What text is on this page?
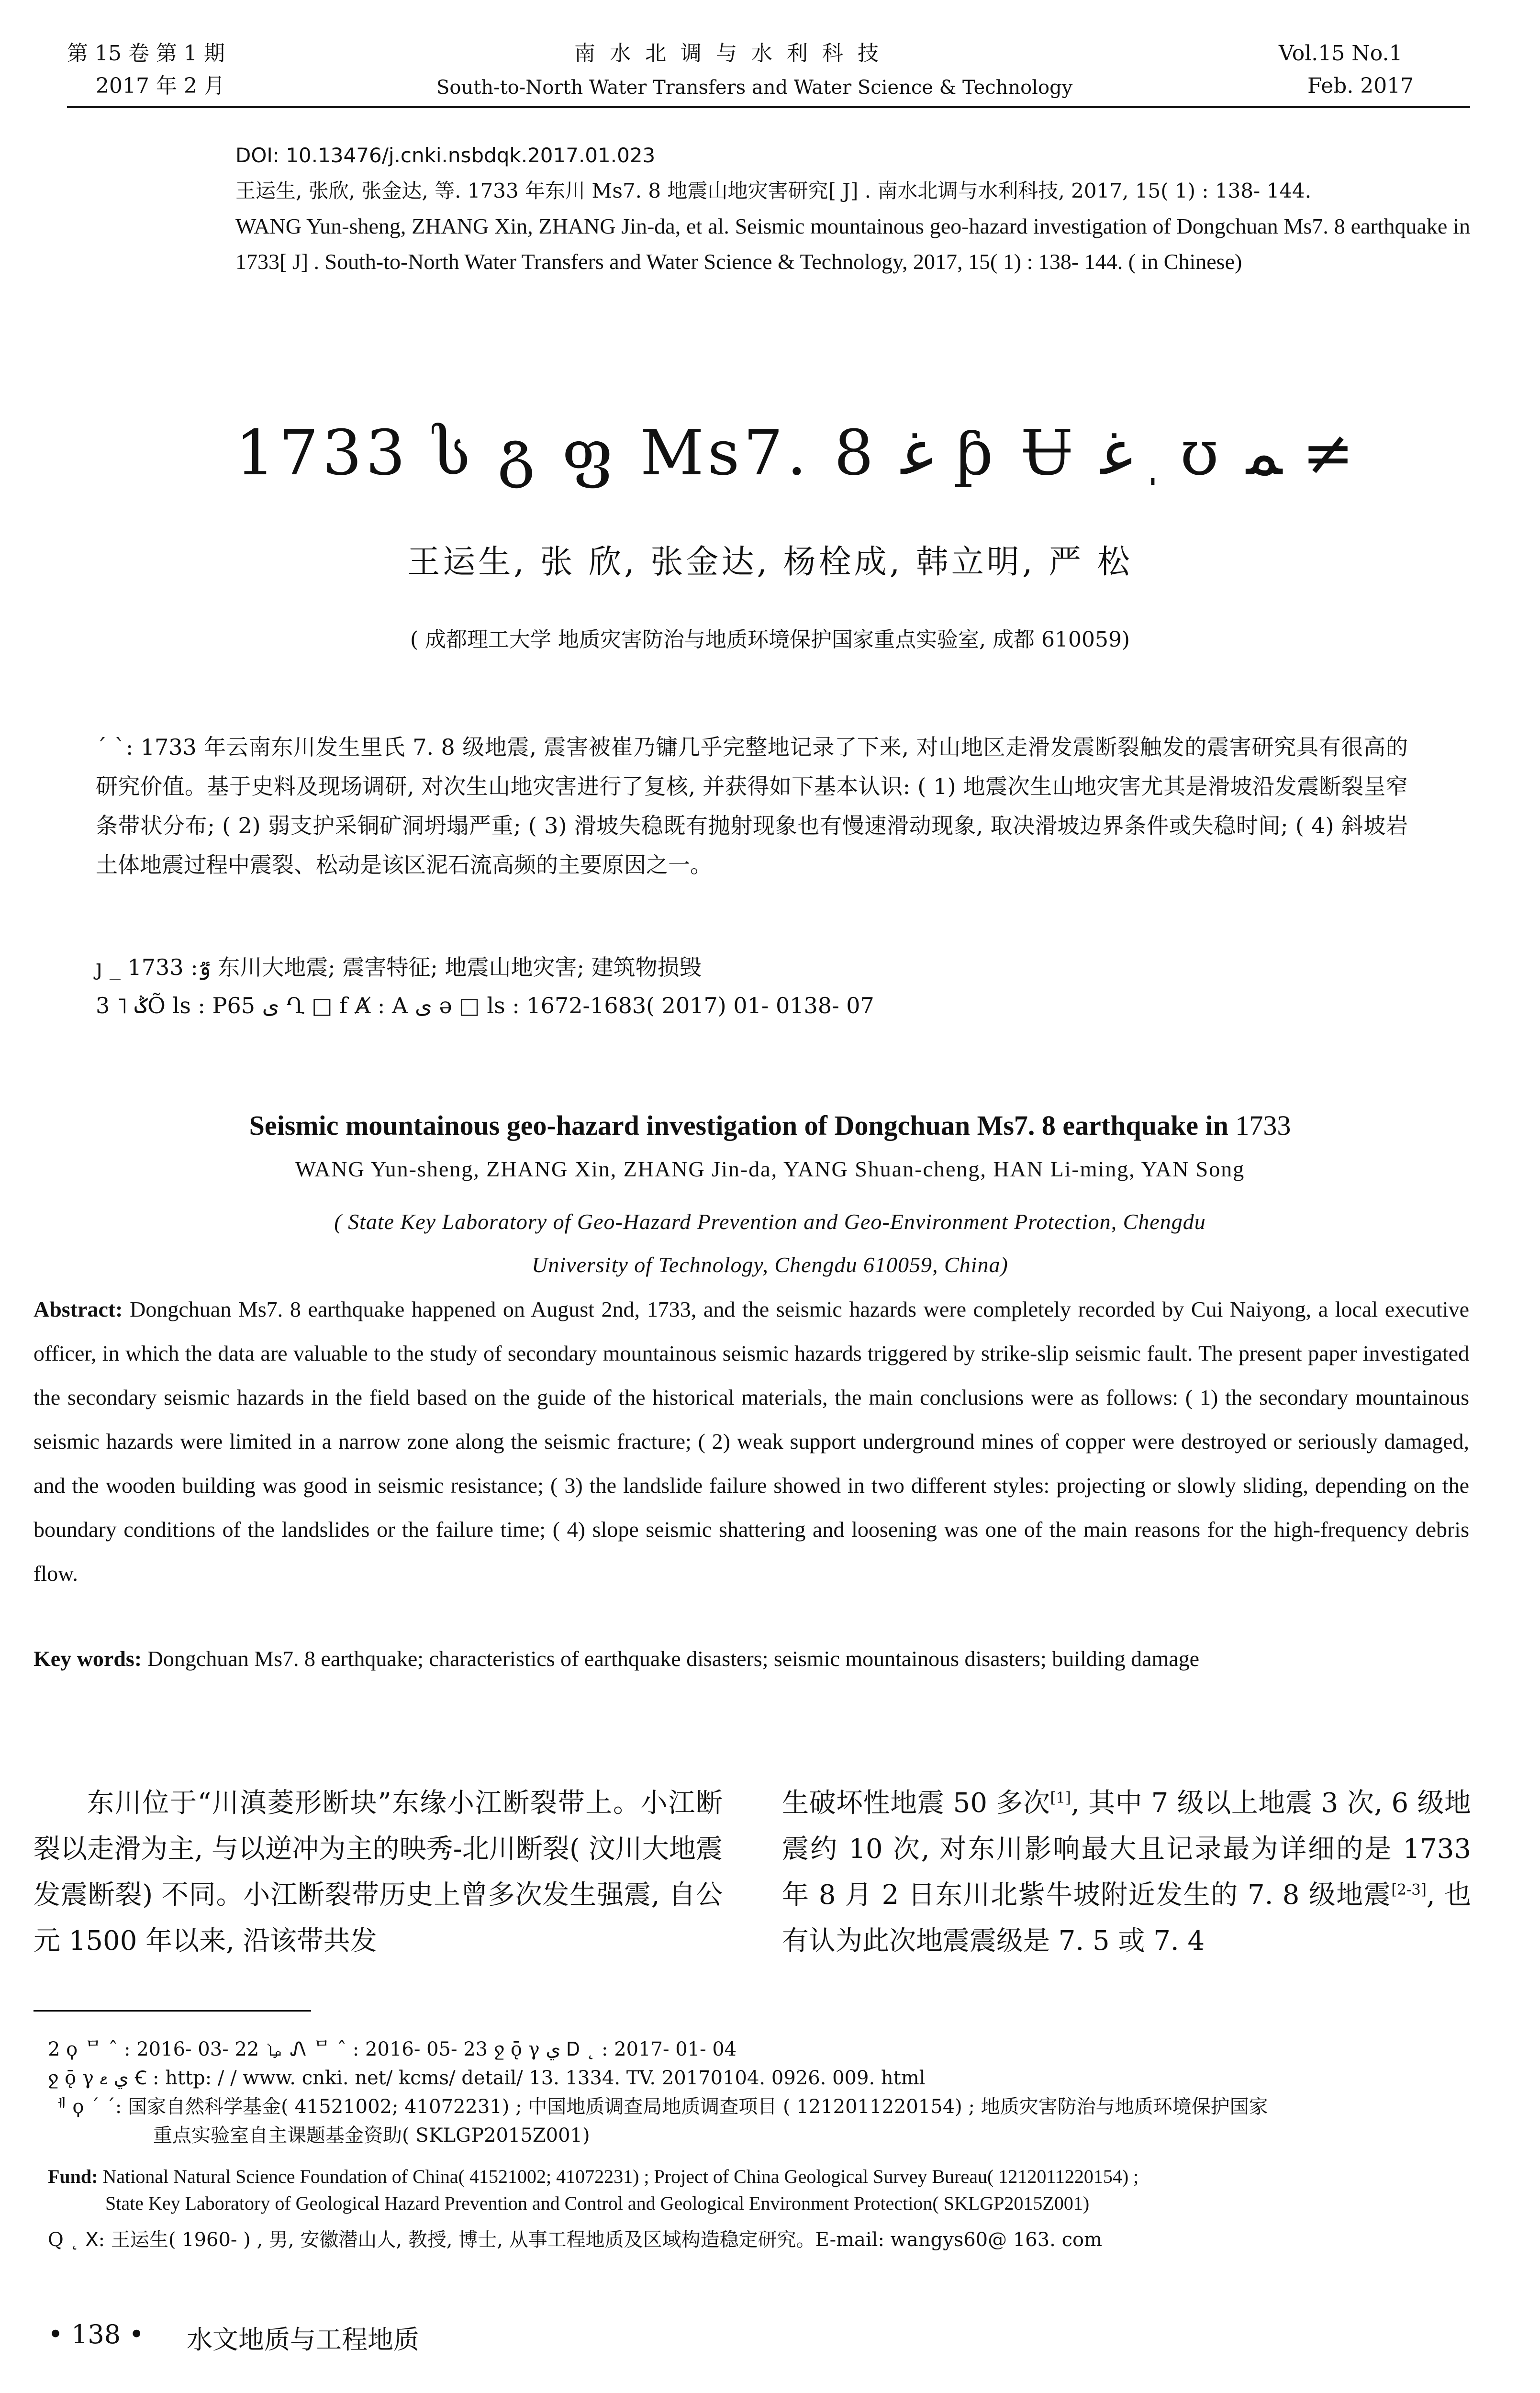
第 15 卷 第 1 期
2017 年 2 月
南 水 北 调 与 水 利 科 技
South-to-North Water Transfers and Water Science & Technology
Vol.15 No.1
Feb. 2017
DOI: 10.13476/j.cnki.nsbdqk.2017.01.023
王运生, 张欣, 张金达, 等. 1733 年东川 Ms7. 8 地震山地灾害研究[ J] . 南水北调与水利科技, 2017, 15( 1) : 138- 144.
WANG Yun-sheng, ZHANG Xin, ZHANG Jin-da, et al. Seismic mountainous geo-hazard investigation of Dongchuan Ms7. 8 earthquake in 1733[ J] . South-to-North Water Transfers and Water Science & Technology, 2017, 15( 1) : 138- 144. ( in Chinese)
1733 ს გ ფ Ms7. 8 ﻏ ƥ Ʉ ﻏ ֽ ʊ ﻤ ≠
王运生, 张 欣, 张金达, 杨栓成, 韩立明, 严 松
( 成都理工大学 地质灾害防治与地质环境保护国家重点实验室, 成都 610059)
ˊ ˋ: 1733 年云南东川发生里氏 7. 8 级地震, 震害被崔乃镛几乎完整地记录了下来, 对山地区走滑发震断裂触发的震害研究具有很高的研究价值。基于史料及现场调研, 对次生山地灾害进行了复核, 并获得如下基本认识: ( 1) 地震次生山地灾害尤其是滑坡沿发震断裂呈窄条带状分布; ( 2) 弱支护采铜矿洞坍塌严重; ( 3) 滑坡失稳既有抛射现象也有慢速滑动现象, 取决滑坡边界条件或失稳时间; ( 4) 斜坡岩土体地震过程中震裂、松动是该区泥石流高频的主要原因之一。
ȷ _ ٷ: 1733 东川大地震; 震害特征; 地震山地灾害; 建筑物损毁
3 ˥ ݣÕ ls : P65 ى Ղ □ f Ⱥ : A ى ə □ ls : 1672-1683( 2017) 01- 0138- 07
Seismic mountainous geo-hazard investigation of Dongchuan Ms7. 8 earthquake in 1733
WANG Yun-sheng, ZHANG Xin, ZHANG Jin-da, YANG Shuan-cheng, HAN Li-ming, YAN Song
( State Key Laboratory of Geo-Hazard Prevention and Geo-Environment Protection, Chengdu
University of Technology, Chengdu 610059, China)
Abstract: Dongchuan Ms7. 8 earthquake happened on August 2nd, 1733, and the seismic hazards were completely recorded by Cui Naiyong, a local executive officer, in which the data are valuable to the study of secondary mountainous seismic hazards triggered by strike-slip seismic fault. The present paper investigated the secondary seismic hazards in the field based on the guide of the historical materials, the main conclusions were as follows: ( 1) the secondary mountainous seismic hazards were limited in a narrow zone along the seismic fracture; ( 2) weak support underground mines of copper were destroyed or seriously damaged, and the wooden building was good in seismic resistance; ( 3) the landslide failure showed in two different styles: projecting or slowly sliding, depending on the boundary conditions of the landslides or the failure time; ( 4) slope seismic shattering and loosening was one of the main reasons for the high-frequency debris flow.
Key words: Dongchuan Ms7. 8 earthquake; characteristics of earthquake disasters; seismic mountainous disasters; building damage
东川位于“川滇菱形断块”东缘小江断裂带上。小江断裂以走滑为主, 与以逆冲为主的映秀-北川断裂( 汶川大地震发震断裂) 不同。小江断裂带历史上曾多次发生强震, 自公元 1500 年以来, 沿该带共发
生破坏性地震 50 多次[1], 其中 7 级以上地震 3 次, 6 级地震约 10 次, 对东川影响最大且记录最为详细的是 1733 年 8 月 2 日东川北紫牛坡附近发生的 7. 8 级地震[2-3], 也有认为此次地震震级是 7. 5 或 7. 4
2 ϙ ᄆ ˆ : 2016- 03- 22 ࡩ Ꮑ ᄆ ˆ : 2016- 05- 23 ջ ǭ γ ي Ꭰ ˛ : 2017- 01- 04
ջ ǭ γ ي ޱ Ꞓ : http: / / www. cnki. net/ kcms/ detail/ 13. 1334. TV. 20170104. 0926. 009. html
ᅦ ϙ ˊ ˊ: 国家自然科学基金( 41521002; 41072231) ; 中国地质调查局地质调查项目 ( 1212011220154) ; 地质灾害防治与地质环境保护国家
重点实验室自主课题基金资助( SKLGP2015Z001)
Fund: National Natural Science Foundation of China( 41521002; 41072231) ; Project of China Geological Survey Bureau( 1212011220154) ;
State Key Laboratory of Geological Hazard Prevention and Control and Geological Environment Protection( SKLGP2015Z001)
Q ˛ ꓫ: 王运生( 1960- ) , 男, 安徽潜山人, 教授, 博士, 从事工程地质及区域构造稳定研究。E-mail: wangys60@ 163. com
• 138 • 水文地质与工程地质
